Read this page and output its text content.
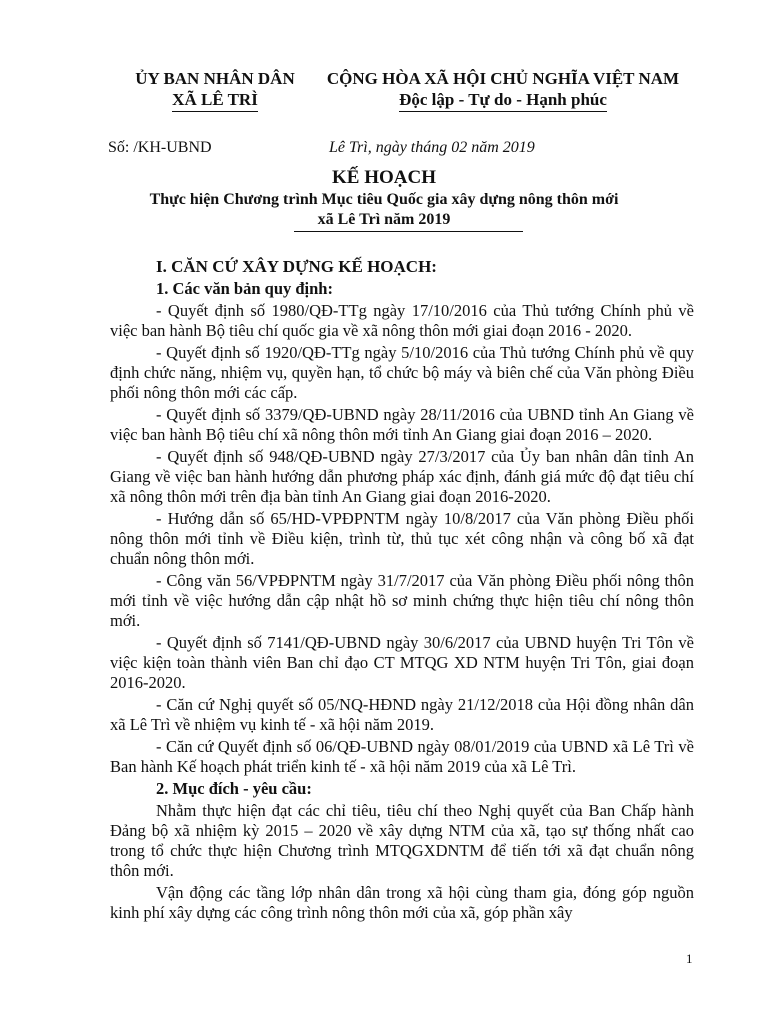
ỦY BAN NHÂN DÂN
XÃ LÊ TRÌ
CỘNG HÒA XÃ HỘI CHỦ NGHĨA VIỆT NAM
Độc lập - Tự do - Hạnh phúc
Số: /KH-UBND	Lê Trì, ngày tháng 02 năm 2019
KẾ HOẠCH
Thực hiện Chương trình Mục tiêu Quốc gia xây dựng nông thôn mới
xã Lê Trì năm 2019

I. CĂN CỨ XÂY DỰNG KẾ HOẠCH:

1. Các văn bản quy định:

- Quyết định số 1980/QĐ-TTg ngày 17/10/2016 của Thủ tướng Chính phủ về việc ban hành Bộ tiêu chí quốc gia về xã nông thôn mới giai đoạn 2016 - 2020.

- Quyết định số 1920/QĐ-TTg ngày 5/10/2016 của Thủ tướng Chính phủ về quy định chức năng, nhiệm vụ, quyền hạn, tổ chức bộ máy và biên chế của Văn phòng Điều phối nông thôn mới các cấp.

- Quyết định số 3379/QĐ-UBND ngày 28/11/2016 của UBND tỉnh An Giang về việc ban hành Bộ tiêu chí xã nông thôn mới tỉnh An Giang giai đoạn 2016 – 2020.

- Quyết định số 948/QĐ-UBND ngày 27/3/2017 của Ủy ban nhân dân tỉnh An Giang về việc ban hành hướng dẫn phương pháp xác định, đánh giá mức độ đạt tiêu chí xã nông thôn mới trên địa bàn tỉnh An Giang giai đoạn 2016-2020.

- Hướng dẫn số 65/HD-VPĐPNTM ngày 10/8/2017 của Văn phòng Điều phối nông thôn mới tỉnh về Điều kiện, trình từ, thủ tục xét công nhận và công bố xã đạt chuẩn nông thôn mới.

- Công văn 56/VPĐPNTM ngày 31/7/2017 của Văn phòng Điều phối nông thôn mới tỉnh về việc hướng dẫn cập nhật hồ sơ minh chứng thực hiện tiêu chí nông thôn mới.

- Quyết định số 7141/QĐ-UBND ngày 30/6/2017 của UBND huyện Tri Tôn về việc kiện toàn thành viên Ban chỉ đạo CT MTQG XD NTM huyện Tri Tôn, giai đoạn 2016-2020.

- Căn cứ Nghị quyết số 05/NQ-HĐND ngày 21/12/2018 của Hội đồng nhân dân xã Lê Trì về nhiệm vụ kinh tế - xã hội năm 2019.

- Căn cứ Quyết định số 06/QĐ-UBND ngày 08/01/2019 của UBND xã Lê Trì về Ban hành Kế hoạch phát triển kinh tế - xã hội năm 2019 của xã Lê Trì.

2. Mục đích - yêu cầu:

Nhằm thực hiện đạt các chỉ tiêu, tiêu chí theo Nghị quyết của Ban Chấp hành Đảng bộ xã nhiệm kỳ 2015 – 2020 về xây dựng NTM của xã, tạo sự thống nhất cao trong tổ chức thực hiện Chương trình MTQGXDNTM để tiến tới xã đạt chuẩn nông thôn mới.

Vận động các tầng lớp nhân dân trong xã hội cùng tham gia, đóng góp nguồn kinh phí xây dựng các công trình nông thôn mới của xã, góp phần xây

1
